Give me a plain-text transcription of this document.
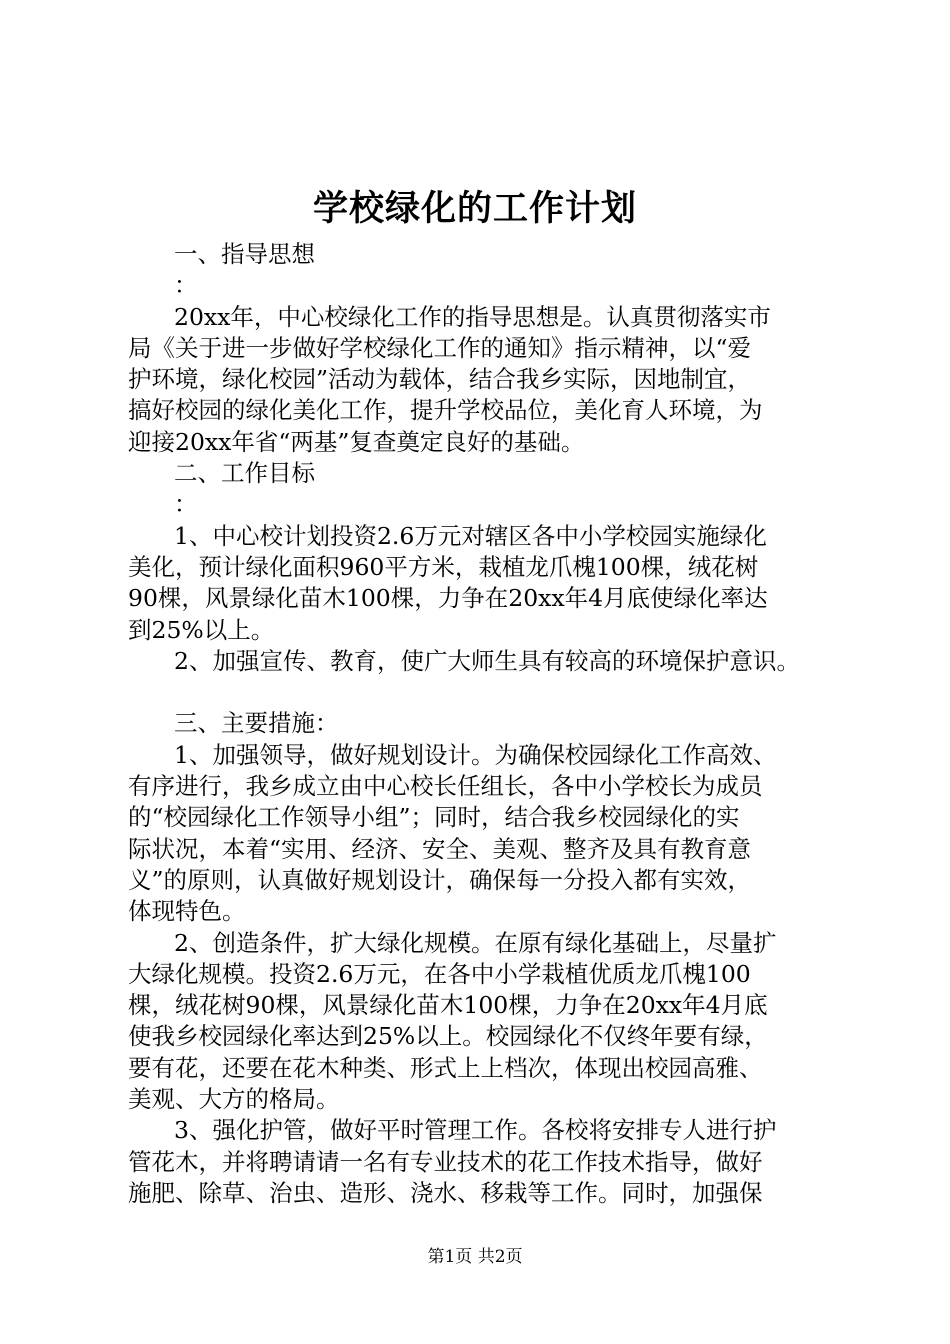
学校绿化的工作计划
一、指导思想
：
20xx年，中心校绿化工作的指导思想是。认真贯彻落实市
局《关于进一步做好学校绿化工作的通知》指示精神，以“爱
护环境，绿化校园”活动为载体，结合我乡实际，因地制宜，
搞好校园的绿化美化工作，提升学校品位，美化育人环境，为
迎接20xx年省“两基”复查奠定良好的基础。
二、工作目标
：
1、中心校计划投资2.6万元对辖区各中小学校园实施绿化
美化，预计绿化面积960平方米，栽植龙爪槐100棵，绒花树
90棵，风景绿化苗木100棵，力争在20xx年4月底使绿化率达
到25%以上。
2、加强宣传、教育，使广大师生具有较高的环境保护意识。
三、主要措施：
1、加强领导，做好规划设计。为确保校园绿化工作高效、
有序进行，我乡成立由中心校长任组长，各中小学校长为成员
的“校园绿化工作领导小组”；同时，结合我乡校园绿化的实
际状况，本着“实用、经济、安全、美观、整齐及具有教育意
义”的原则，认真做好规划设计，确保每一分投入都有实效，
体现特色。
2、创造条件，扩大绿化规模。在原有绿化基础上，尽量扩
大绿化规模。投资2.6万元，在各中小学栽植优质龙爪槐100
棵，绒花树90棵，风景绿化苗木100棵，力争在20xx年4月底
使我乡校园绿化率达到25%以上。校园绿化不仅终年要有绿，
要有花，还要在花木种类、形式上上档次，体现出校园高雅、
美观、大方的格局。
3、强化护管，做好平时管理工作。各校将安排专人进行护
管花木，并将聘请请一名有专业技术的花工作技术指导，做好
施肥、除草、治虫、造形、浇水、移栽等工作。同时，加强保
第1页 共2页
